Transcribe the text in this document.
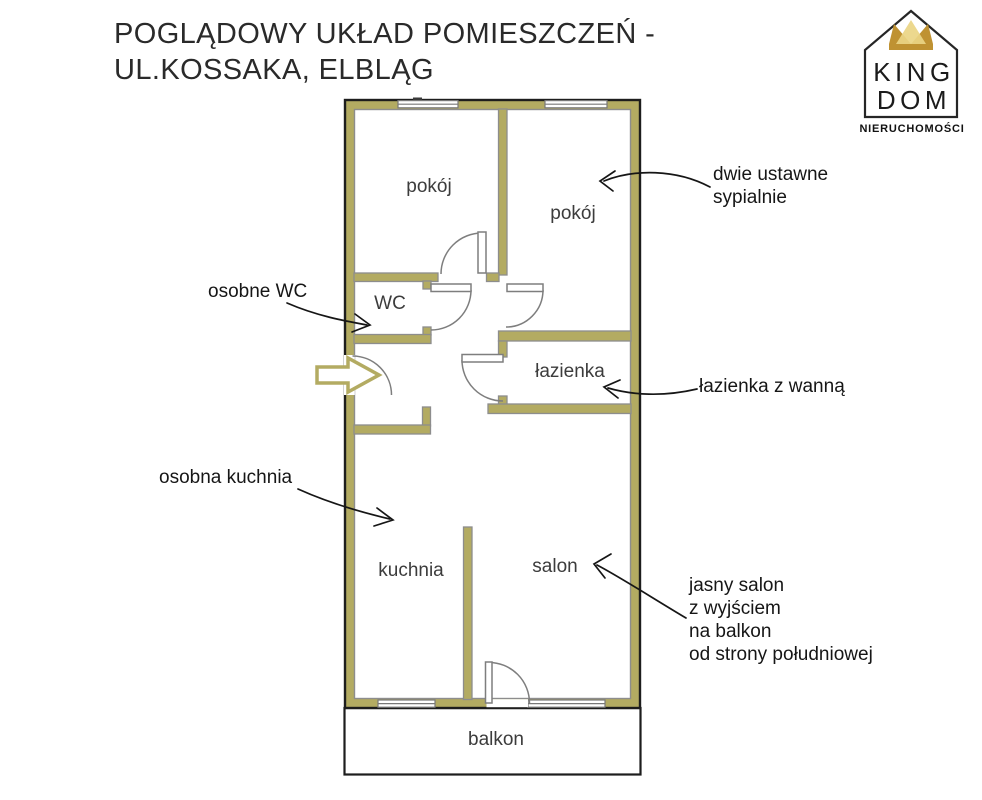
POGLĄDOWY UKŁAD POMIESZCZEŃ -
UL.KOSSAKA, ELBLĄG	KING
DOM
NIERUCHOMOŚCI
pokój
pokój
WC
łazienka
kuchnia	salon
balkon
dwie ustawne
sypialnie
osobne WC
łazienka z wanną
osobna kuchnia
jasny salon
z wyjściem
na balkon
od strony południowej
